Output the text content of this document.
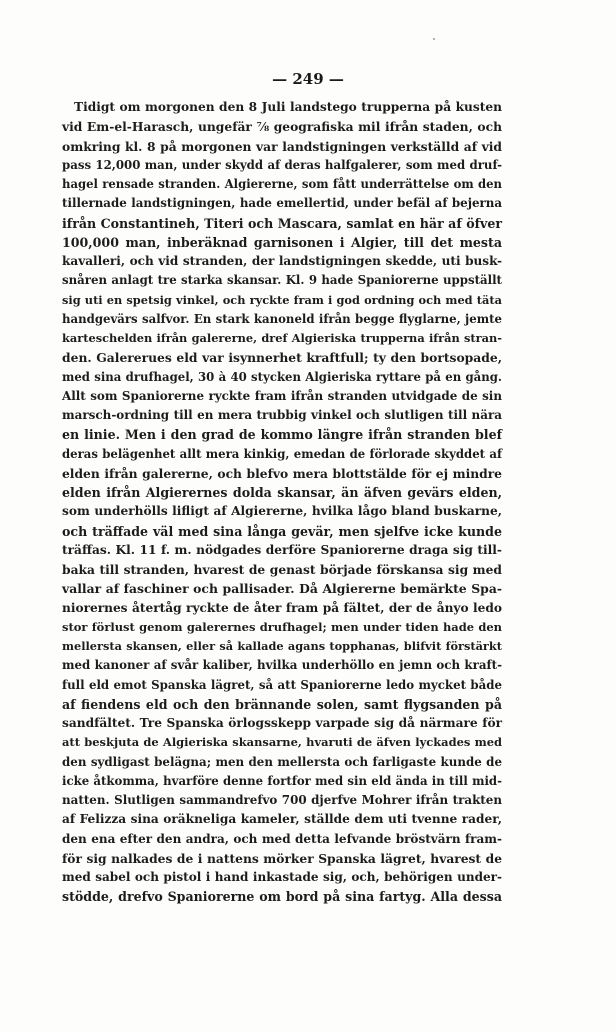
— 249 —
Tidigt om morgonen den 8 Juli landstego trupperna på kusten
vid Em-el-Harasch, ungefär ⅞ geografiska mil ifrån staden, och
omkring kl. 8 på morgonen var landstigningen verkställd af vid
pass 12,000 man, under skydd af deras halfgalerer, som med druf-
hagel rensade stranden. Algiererne, som fått underrättelse om den
tillernade landstigningen, hade emellertid, under befäl af bejerna
ifrån Constantineh, Titeri och Mascara, samlat en här af öfver
100,000 man, inberäknad garnisonen i Algier, till det mesta
kavalleri, och vid stranden, der landstigningen skedde, uti busk-
snåren anlagt tre starka skansar. Kl. 9 hade Spaniorerne uppställt
sig uti en spetsig vinkel, och ryckte fram i god ordning och med täta
handgevärs salfvor. En stark kanoneld ifrån begge flyglarne, jemte
karteschelden ifrån galererne, dref Algieriska trupperna ifrån stran-
den. Galererues eld var isynnerhet kraftfull; ty den bortsopade,
med sina drufhagel, 30 à 40 stycken Algieriska ryttare på en gång.
Allt som Spaniorerne ryckte fram ifrån stranden utvidgade de sin
marsch-ordning till en mera trubbig vinkel och slutligen till nära
en linie. Men i den grad de kommo längre ifrån stranden blef
deras belägenhet allt mera kinkig, emedan de förlorade skyddet af
elden ifrån galererne, och blefvo mera blottstälde för ej mindre
elden ifrån Algierernes dolda skansar, än äfven gevärs elden,
som underhölls lifligt af Algiererne, hvilka lågo bland buskarne,
och träffade väl med sina långa gevär, men sjelfve icke kunde
träffas. Kl. 11 f. m. nödgades derföre Spaniorerne draga sig till-
baka till stranden, hvarest de genast började förskansa sig med
vallar af faschiner och pallisader. Då Algiererne bemärkte Spa-
niorernes återtåg ryckte de åter fram på fältet, der de ånyo ledo
stor förlust genom galerernes drufhagel; men under tiden hade den
mellersta skansen, eller så kallade agans topphanas, blifvit förstärkt
med kanoner af svår kaliber, hvilka underhöllo en jemn och kraft-
full eld emot Spanska lägret, så att Spaniorerne ledo mycket både
af fiendens eld och den brännande solen, samt flygsanden på
sandfältet. Tre Spanska örlogsskepp varpade sig då närmare för
att beskjuta de Algieriska skansarne, hvaruti de äfven lyckades med
den sydligast belägna; men den mellersta och farligaste kunde de
icke åtkomma, hvarföre denne fortfor med sin eld ända in till mid-
natten. Slutligen sammandrefvo 700 djerfve Mohrer ifrån trakten
af Felizza sina oräkneliga kameler, ställde dem uti tvenne rader,
den ena efter den andra, och med detta lefvande bröstvärn fram-
för sig nalkades de i nattens mörker Spanska lägret, hvarest de
med sabel och pistol i hand inkastade sig, och, behörigen under-
stödde, drefvo Spaniorerne om bord på sina fartyg. Alla dessa
